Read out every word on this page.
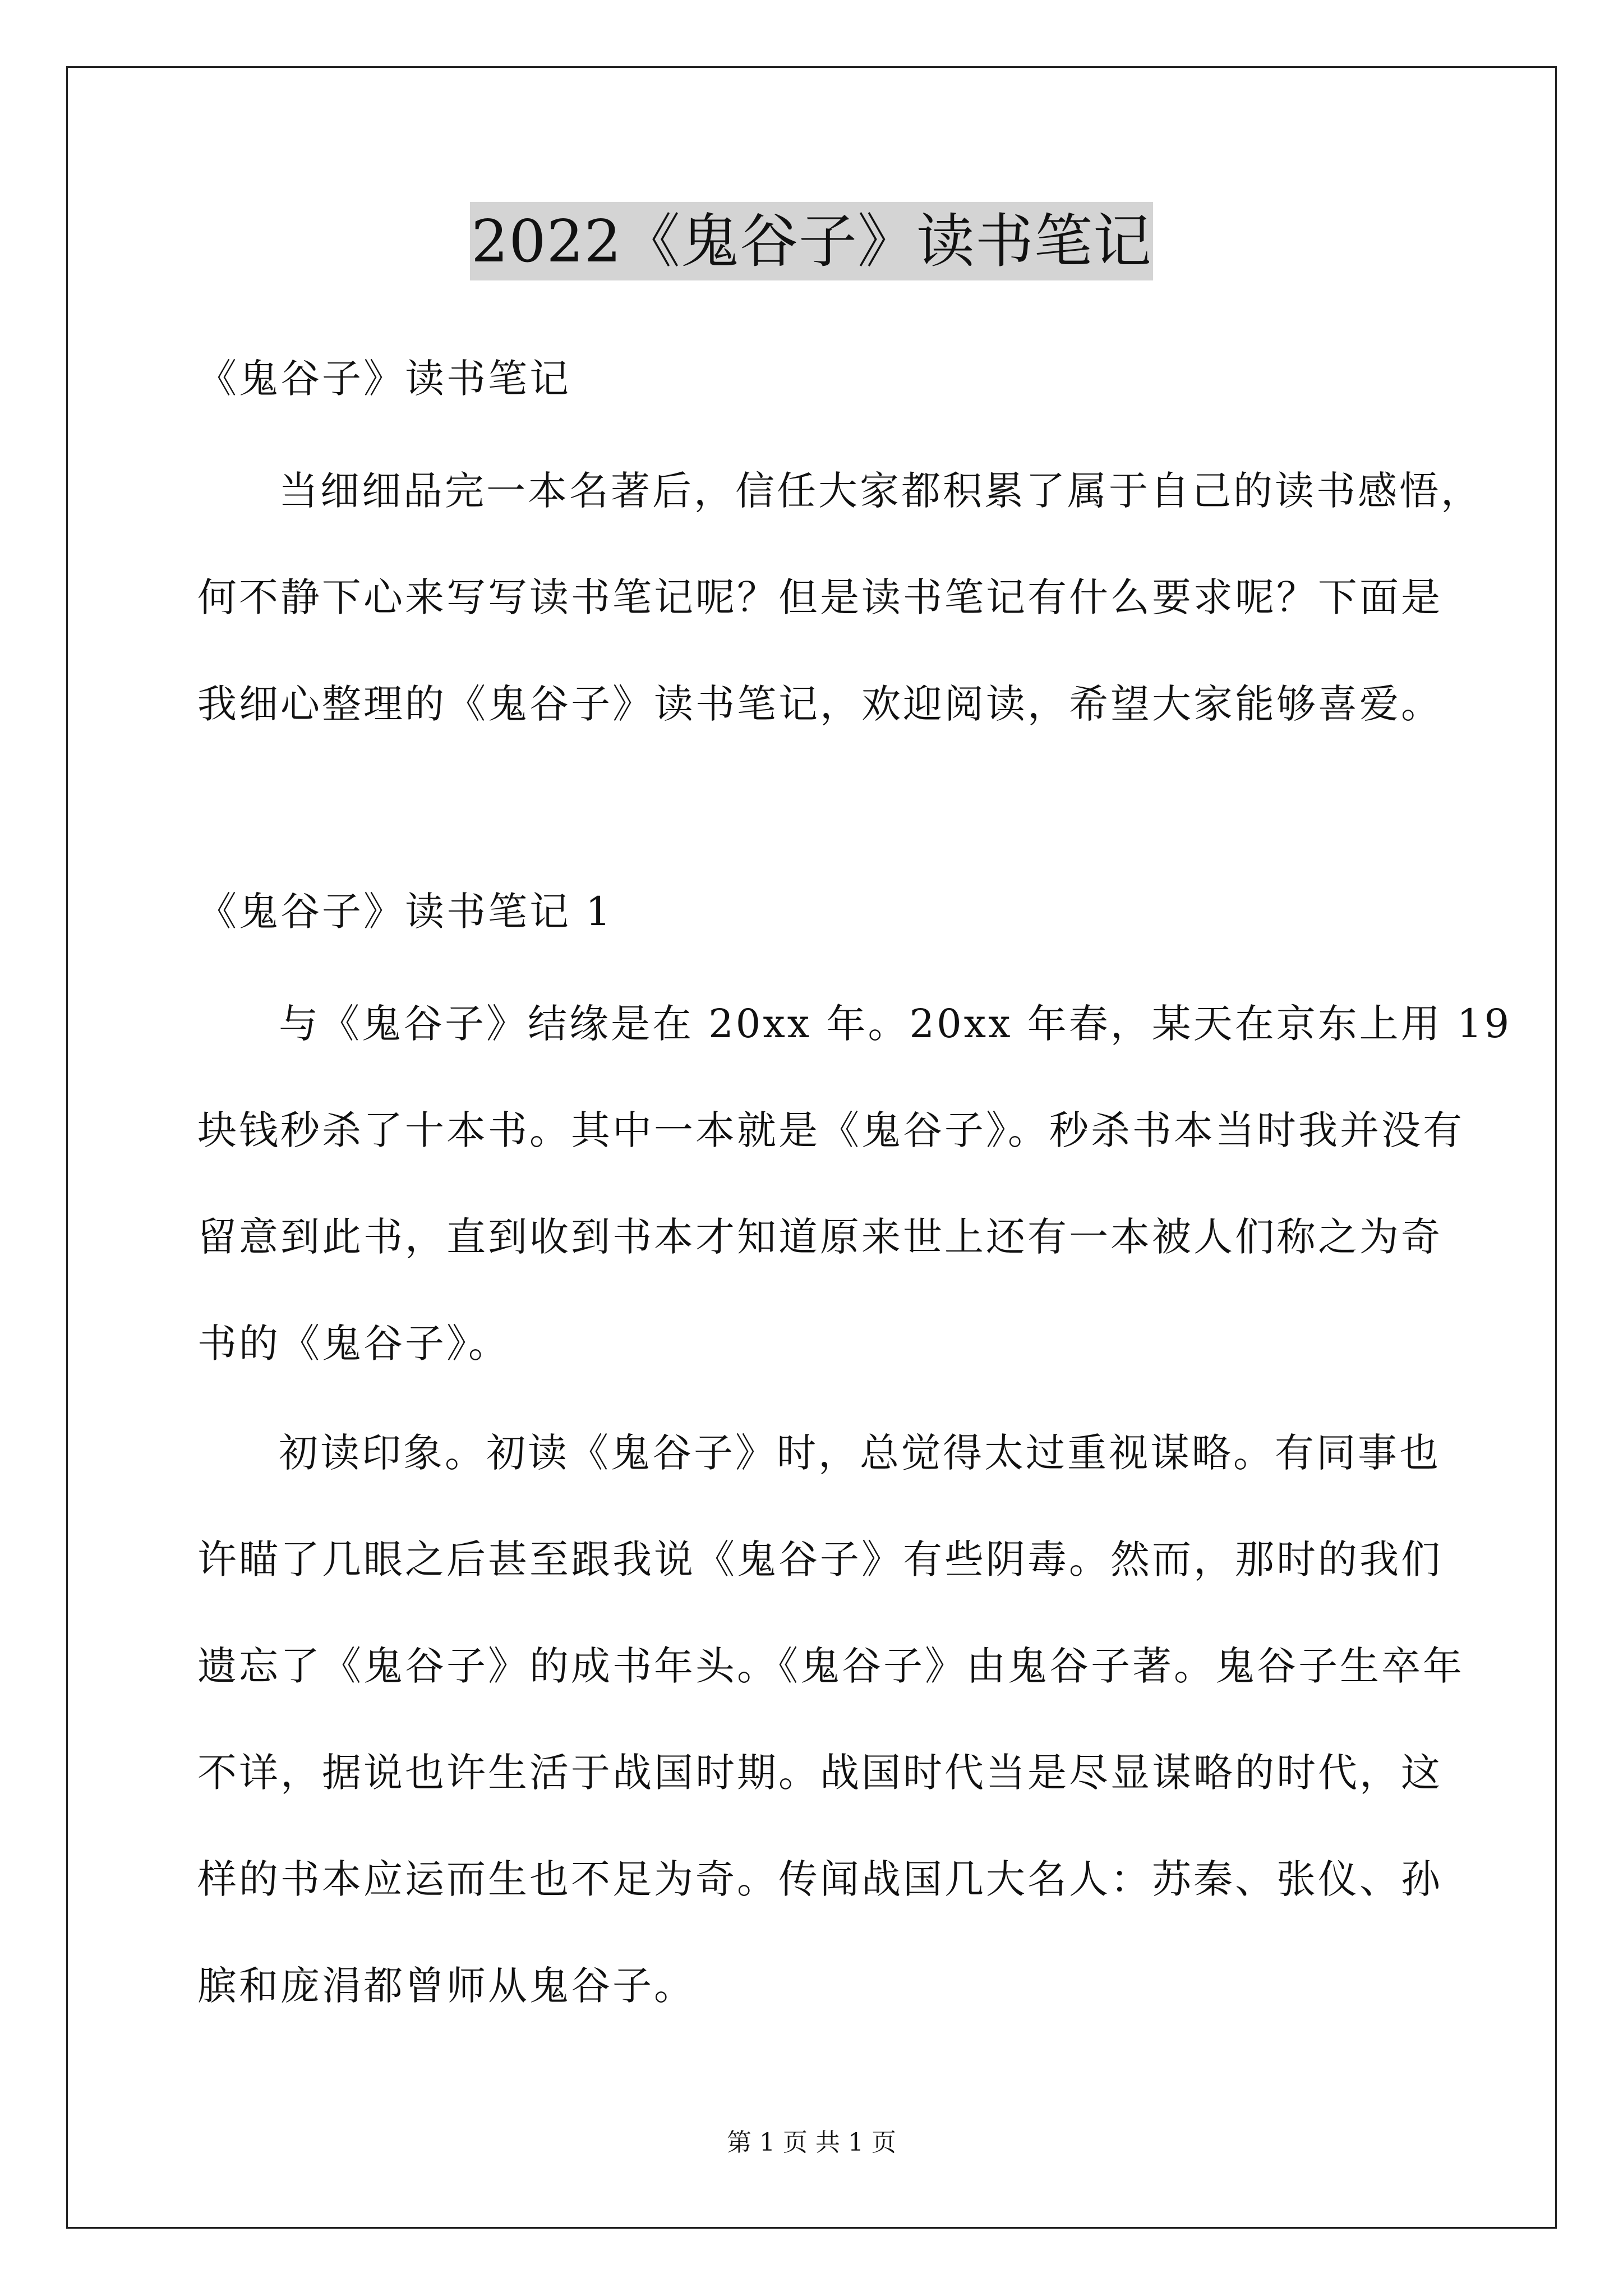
2022《鬼谷子》读书笔记
《鬼谷子》读书笔记
当细细品完一本名著后，信任大家都积累了属于自己的读书感悟，
何不静下心来写写读书笔记呢？但是读书笔记有什么要求呢？下面是
我细心整理的《鬼谷子》读书笔记，欢迎阅读，希望大家能够喜爱。
《鬼谷子》读书笔记 1
与《鬼谷子》结缘是在 20xx 年。20xx 年春，某天在京东上用 19
块钱秒杀了十本书。其中一本就是《鬼谷子》。秒杀书本当时我并没有
留意到此书，直到收到书本才知道原来世上还有一本被人们称之为奇
书的《鬼谷子》。
初读印象。初读《鬼谷子》时，总觉得太过重视谋略。有同事也
许瞄了几眼之后甚至跟我说《鬼谷子》有些阴毒。然而，那时的我们
遗忘了《鬼谷子》的成书年头。《鬼谷子》由鬼谷子著。鬼谷子生卒年
不详，据说也许生活于战国时期。战国时代当是尽显谋略的时代，这
样的书本应运而生也不足为奇。传闻战国几大名人：苏秦、张仪、孙
膑和庞涓都曾师从鬼谷子。
第 1 页 共 1 页
